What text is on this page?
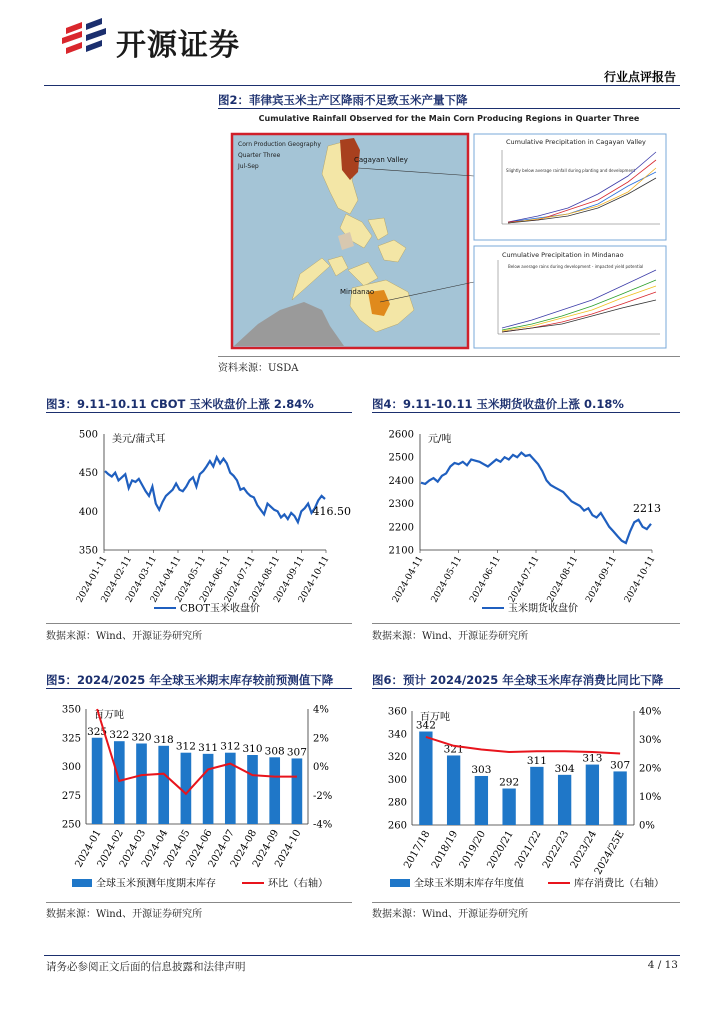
开源证券
行业点评报告
图2：菲律宾玉米主产区降雨不足致玉米产量下降
Cumulative Rainfall Observed for the Main Corn Producing Regions in Quarter Three
Corn Production Geography
Quarter Three
Jul-Sep
Cagayan Valley
Mindanao
Cumulative Precipitation in Cagayan Valley
Slightly below average rainfall during planting and development
Cumulative Precipitation in Mindanao
Below average rains during development - impacted yield potential
资料来源：USDA
图3：9.11-10.11 CBOT 玉米收盘价上涨 2.84%
350
400
450
500 美元/蒲式耳
2024-01-11
2024-02-11
2024-03-11
2024-04-11
2024-05-11
2024-06-11
2024-07-11
2024-08-11
2024-09-11
2024-10-11
416.50
CBOT玉米收盘价
数据来源：Wind、开源证券研究所
图4：9.11-10.11 玉米期货收盘价上涨 0.18%
2100
2200
2300
2400
2500
2600 元/吨
2024-04-11 2024-05-11 2024-06-11 2024-07-11 2024-08-11 2024-09-11 2024-10-11
2213
玉米期货收盘价
数据来源：Wind、开源证券研究所
图5：2024/2025 年全球玉米期末库存较前预测值下降
250
275
300
325
350
-4%
-2%
0%
2%
4%
百万吨
325 322 320 318
312 311 312 310 308 307
2024-01
2024-02
2024-03
2024-04
2024-05
2024-06
2024-07
2024-08
2024-09
2024-10
全球玉米预测年度期末库存	环比（右轴）
数据来源：Wind、开源证券研究所
图6：预计 2024/2025 年全球玉米库存消费比同比下降
260
280
300
320
340
360
0%
10%
20%
30%
40%
百万吨
342
321
303
292
311
304
313
307
2017/18
2018/19
2019/20
2020/21
2021/22
2022/23
2023/24
2024/25E
全球玉米期末库存年度值	库存消费比（右轴）
数据来源：Wind、开源证券研究所
请务必参阅正文后面的信息披露和法律声明	4 / 13
